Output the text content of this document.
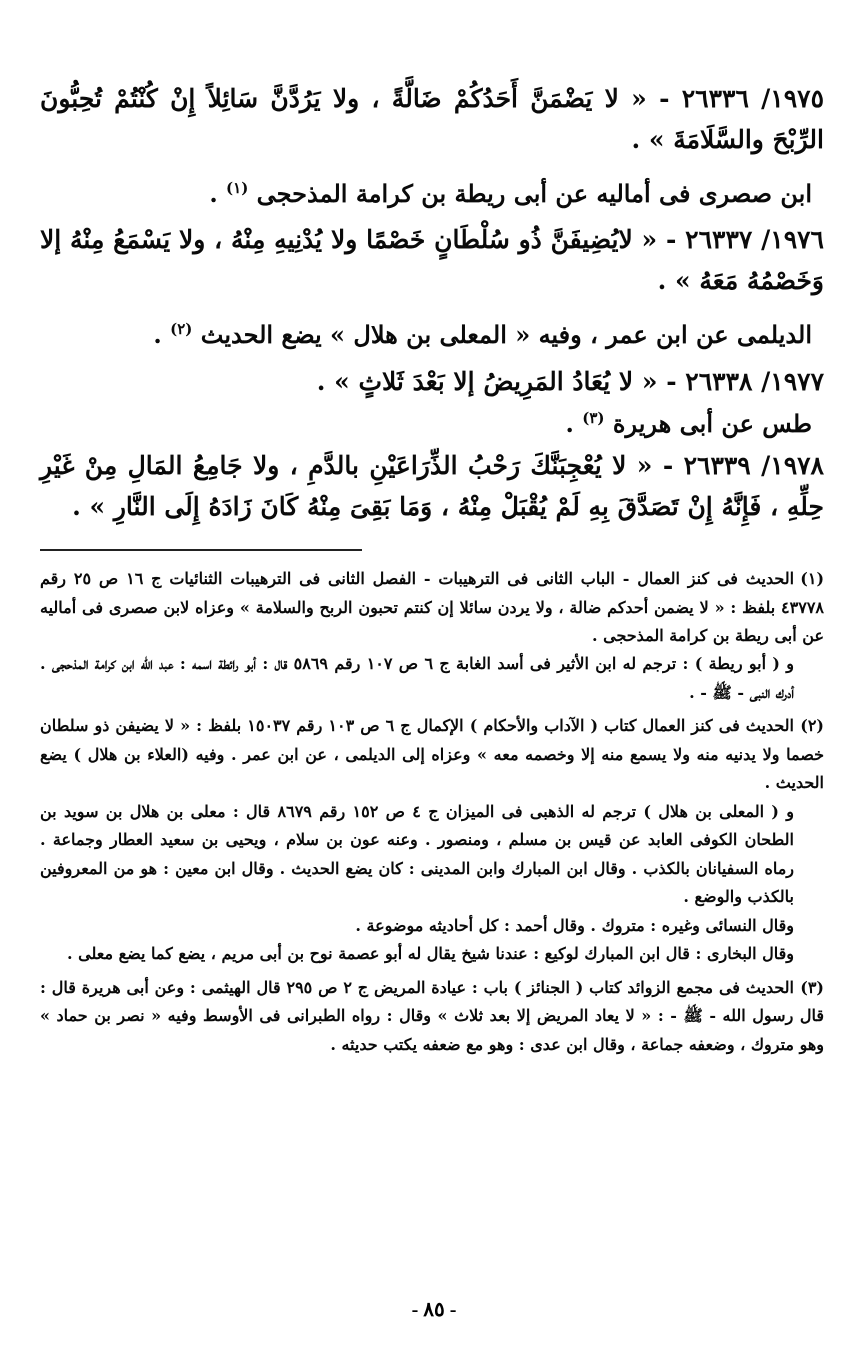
١٩٧٥/ ٢٦٣٣٦ - « لا يَضْمَنَّ أَحَدُكُمْ ضَالَّةً ، ولا يَرُدَّنَّ سَائِلاً إِنْ كُنْتُمْ تُحِبُّونَ الرِّبْحَ والسَّلَامَةَ » .

ابن صصرى فى أماليه عن أبى ريطة بن كرامة المذحجى $^{(١)}$ .

١٩٧٦/ ٢٦٣٣٧ - « لايُضِيفَنَّ ذُو سُلْطَانٍ خَصْمًا ولا يُدْنِيهِ مِنْهُ ، ولا يَسْمَعُ مِنْهُ إلا وَخَصْمُهُ مَعَهُ » .

الديلمى عن ابن عمر ، وفيه « المعلى بن هلال » يضع الحديث $^{(٢)}$ .

١٩٧٧/ ٢٦٣٣٨ - « لا يُعَادُ المَرِيضُ إلا بَعْدَ ثَلاثٍ » .

طس عن أبى هريرة $^{(٣)}$ .

١٩٧٨/ ٢٦٣٣٩ - « لا يُعْجِبَنَّكَ رَحْبُ الذِّرَاعَيْنِ بالدَّمِ ، ولا جَامِعُ المَالِ مِنْ غَيْرِ حِلِّهِ ، فَإِنَّهُ إِنْ تَصَدَّقَ بِهِ لَمْ يُقْبَلْ مِنْهُ ، وَمَا بَقِىَ مِنْهُ كَانَ زَادَهُ إِلَى النَّارِ » .

(١)الحديث فى كنز العمال - الباب الثانى فى الترهيبات - الفصل الثانى فى الترهيبات الثنائيات ج ١٦ ص ٢٥ رقم ٤٣٧٧٨ بلفظ : « لا يضمن أحدكم ضالة ، ولا يردن سائلا إن كنتم تحبون الربح والسلامة » وعزاه لابن صصرى فى أماليه عن أبى ريطة بن كرامة المذحجى .

و ( أبو ريطة ) : ترجم له ابن الأثير فى أسد الغابة ج ٦ ص ١٠٧ رقم ٥٨٦٩ قال : أبو رائطة اسمه : عبد الله ابن كرامة المذحجى . أدرك النبى - ﷺ - .

(٢)الحديث فى كنز العمال كتاب ( الآداب والأحكام ) الإكمال ج ٦ ص ١٠٣ رقم ١٥٠٣٧ بلفظ : « لا يضيفن ذو سلطان خصما ولا يدنيه منه ولا يسمع منه إلا وخصمه معه » وعزاه إلى الديلمى ، عن ابن عمر . وفيه (العلاء بن هلال ) يضع الحديث .

و ( المعلى بن هلال ) ترجم له الذهبى فى الميزان ج ٤ ص ١٥٢ رقم ٨٦٧٩ قال : معلى بن هلال بن سويد بن الطحان الكوفى العابد عن قيس بن مسلم ، ومنصور . وعنه عون بن سلام ، ويحيى بن سعيد العطار وجماعة . رماه السفيانان بالكذب . وقال ابن المبارك وابن المدينى : كان يضع الحديث . وقال ابن معين : هو من المعروفين بالكذب والوضع .

وقال النسائى وغيره : متروك . وقال أحمد : كل أحاديثه موضوعة .

وقال البخارى : قال ابن المبارك لوكيع : عندنا شيخ يقال له أبو عصمة نوح بن أبى مريم ، يضع كما يضع معلى .

(٣)الحديث فى مجمع الزوائد كتاب ( الجنائز ) باب : عيادة المريض ج ٢ ص ٢٩٥ قال الهيثمى : وعن أبى هريرة قال : قال رسول الله - ﷺ - : « لا يعاد المريض إلا بعد ثلاث » وقال : رواه الطبرانى فى الأوسط وفيه « نصر بن حماد » وهو متروك ، وضعفه جماعة ، وقال ابن عدى : وهو مع ضعفه يكتب حديثه .

- ٨٥ -
